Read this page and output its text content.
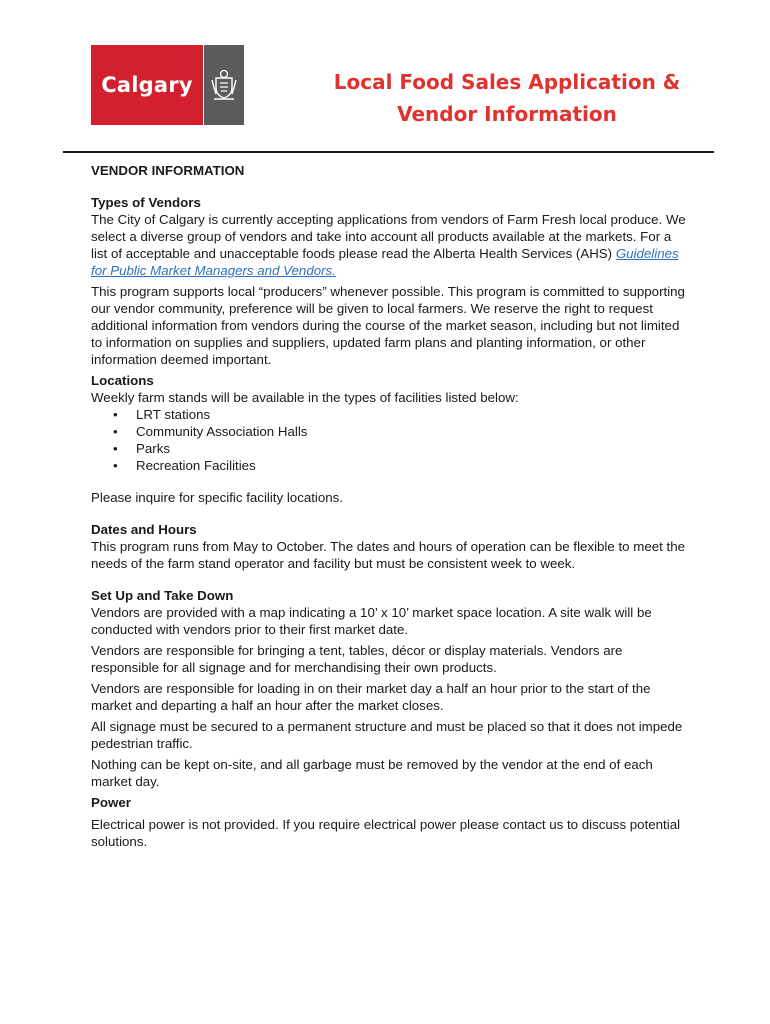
Calgary	Local Food Sales Application &
Vendor Information

VENDOR INFORMATION

Types of Vendors

The City of Calgary is currently accepting applications from vendors of Farm Fresh local produce. We select a diverse group of vendors and take into account all products available at the markets. For a list of acceptable and unacceptable foods please read the Alberta Health Services (AHS) Guidelines for Public Market Managers and Vendors.

This program supports local “producers” whenever possible. This program is committed to supporting our vendor community, preference will be given to local farmers. We reserve the right to request additional information from vendors during the course of the market season, including but not limited to information on supplies and suppliers, updated farm plans and planting information, or other information deemed important.

Locations

Weekly farm stands will be available in the types of facilities listed below:

• LRT stations
• Community Association Halls
• Parks
• Recreation Facilities

Please inquire for specific facility locations.

Dates and Hours

This program runs from May to October. The dates and hours of operation can be flexible to meet the needs of the farm stand operator and facility but must be consistent week to week.

Set Up and Take Down

Vendors are provided with a map indicating a 10’ x 10’ market space location. A site walk will be conducted with vendors prior to their first market date.

Vendors are responsible for bringing a tent, tables, décor or display materials. Vendors are responsible for all signage and for merchandising their own products.

Vendors are responsible for loading in on their market day a half an hour prior to the start of the market and departing a half an hour after the market closes.

All signage must be secured to a permanent structure and must be placed so that it does not impede pedestrian traffic.

Nothing can be kept on-site, and all garbage must be removed by the vendor at the end of each market day.

Power

Electrical power is not provided. If you require electrical power please contact us to discuss potential solutions.
